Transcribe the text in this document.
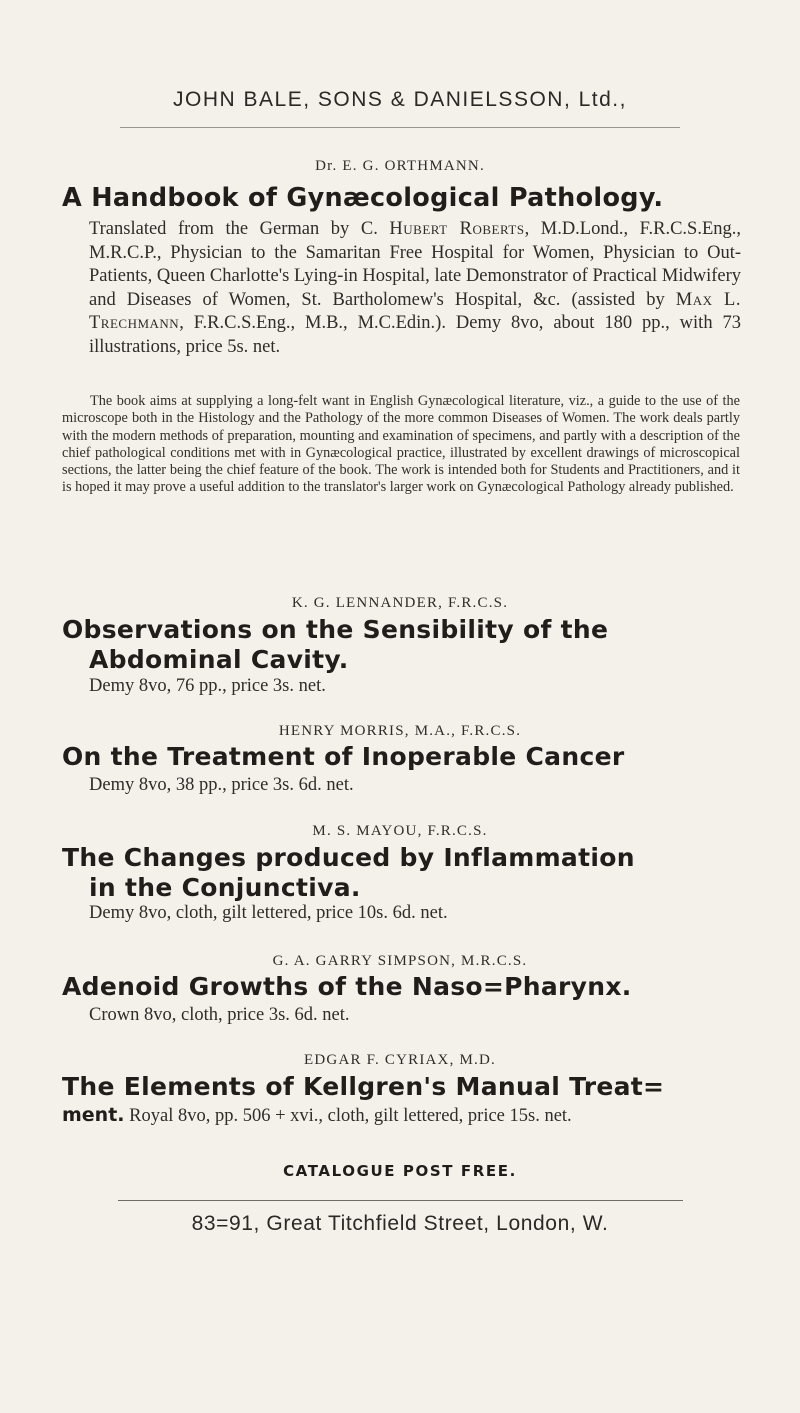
JOHN BALE, SONS & DANIELSSON, Ltd.,
Dr. E. G. ORTHMANN.
A Handbook of Gynæcological Pathology.
Translated from the German by C. Hubert Roberts, M.D.Lond., F.R.C.S.Eng., M.R.C.P., Physician to the Samaritan Free Hospital for Women, Physician to Out-Patients, Queen Charlotte's Lying-in Hospital, late Demonstrator of Practical Midwifery and Diseases of Women, St. Bartholomew's Hospital, &c. (assisted by Max L. Trechmann, F.R.C.S.Eng., M.B., M.C.Edin.). Demy 8vo, about 180 pp., with 73 illustrations, price 5s. net.
The book aims at supplying a long-felt want in English Gynæcological literature, viz., a guide to the use of the microscope both in the Histology and the Pathology of the more common Diseases of Women. The work deals partly with the modern methods of preparation, mounting and examination of specimens, and partly with a description of the chief pathological conditions met with in Gynæcological practice, illustrated by excellent drawings of microscopical sections, the latter being the chief feature of the book. The work is intended both for Students and Practitioners, and it is hoped it may prove a useful addition to the translator's larger work on Gynæcological Pathology already published.
K. G. LENNANDER, F.R.C.S.
Observations on the Sensibility of the
Abdominal Cavity.
Demy 8vo, 76 pp., price 3s. net.
HENRY MORRIS, M.A., F.R.C.S.
On the Treatment of Inoperable Cancer
Demy 8vo, 38 pp., price 3s. 6d. net.
M. S. MAYOU, F.R.C.S.
The Changes produced by Inflammation
in the Conjunctiva.
Demy 8vo, cloth, gilt lettered, price 10s. 6d. net.
G. A. GARRY SIMPSON, M.R.C.S.
Adenoid Growths of the Naso=Pharynx.
Crown 8vo, cloth, price 3s. 6d. net.
EDGAR F. CYRIAX, M.D.
The Elements of Kellgren's Manual Treat=
ment. Royal 8vo, pp. 506 + xvi., cloth, gilt lettered, price 15s. net.
CATALOGUE POST FREE.
83=91, Great Titchfield Street, London, W.
